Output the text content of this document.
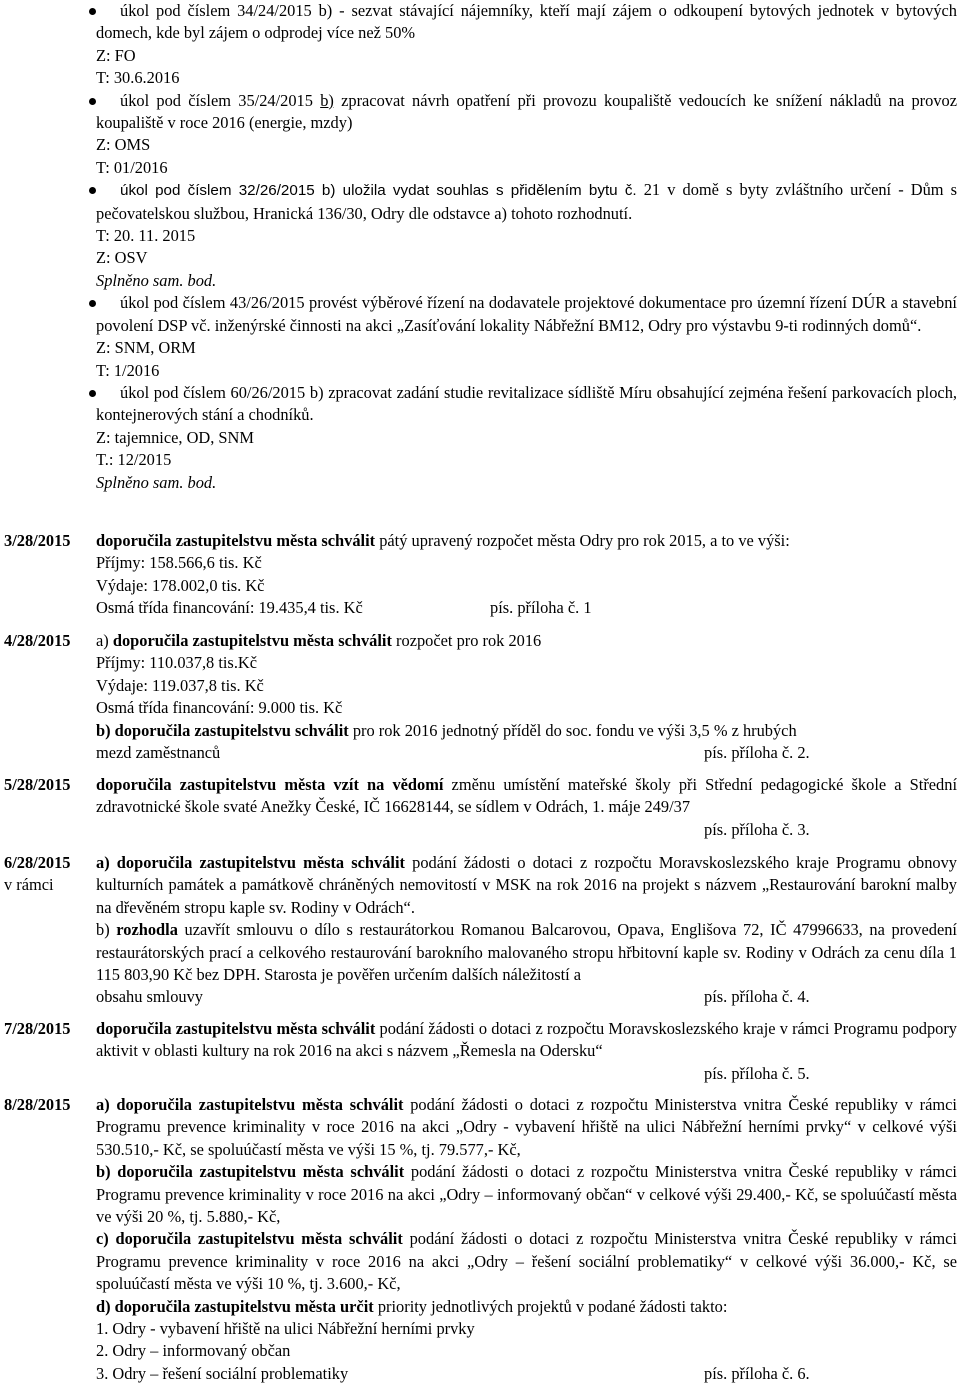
úkol pod číslem 34/24/2015 b) - sezvat stávající nájemníky, kteří mají zájem o odkoupení bytových jednotek v bytových domech, kde byl zájem o odprodej více než 50%

Z: FO

T: 30.6.2016

úkol pod číslem 35/24/2015 b) zpracovat návrh opatření při provozu koupaliště vedoucích ke snížení nákladů na provoz koupaliště v roce 2016 (energie, mzdy)

Z: OMS

T: 01/2016

úkol pod číslem 32/26/2015 b) uložila vydat souhlas s přidělením bytu č. 21 v domě s byty zvláštního určení - Dům s pečovatelskou službou, Hranická 136/30, Odry dle odstavce a) tohoto rozhodnutí.

T: 20. 11. 2015

Z: OSV

Splněno sam. bod.

úkol pod číslem 43/26/2015 provést výběrové řízení na dodavatele projektové dokumentace pro územní řízení DÚR a stavební povolení DSP vč. inženýrské činnosti na akci „Zasíťování lokality Nábřežní BM12, Odry pro výstavbu 9-ti rodinných domů“.

Z: SNM, ORM

T: 1/2016

úkol pod číslem 60/26/2015 b) zpracovat zadání studie revitalizace sídliště Míru obsahující zejména řešení parkovacích ploch, kontejnerových stání a chodníků.

Z: tajemnice, OD, SNM

T.: 12/2015

Splněno sam. bod.

3/28/2015 doporučila zastupitelstvu města schválit pátý upravený rozpočet města Odry pro rok 2015, a to ve výši:

Příjmy: 158.566,6 tis. Kč

Výdaje: 178.002,0 tis. Kč

Osmá třída financování: 19.435,4 tis. Kč	pís. příloha č. 1

4/28/2015 a) doporučila zastupitelstvu města schválit rozpočet pro rok 2016

Příjmy: 110.037,8 tis.Kč

Výdaje: 119.037,8 tis. Kč

Osmá třída financování: 9.000 tis. Kč

b) doporučila zastupitelstvu schválit pro rok 2016 jednotný příděl do soc. fondu ve výši 3,5 % z hrubých

mezd zaměstnanců	pís. příloha č. 2.

5/28/2015 doporučila zastupitelstvu města vzít na vědomí změnu umístění mateřské školy při Střední pedagogické škole a Střední zdravotnické škole svaté Anežky České, IČ 16628144, se sídlem v Odrách, 1. máje 249/37

pís. příloha č. 3.

6/28/2015
v rámci

a) doporučila zastupitelstvu města schválit podání žádosti o dotaci z rozpočtu Moravskoslezského kraje Programu obnovy kulturních památek a památkově chráněných nemovitostí v MSK na rok 2016 na projekt s názvem „Restaurování barokní malby na dřevěném stropu kaple sv. Rodiny v Odrách“.

b) rozhodla uzavřít smlouvu o dílo s restaurátorkou Romanou Balcarovou, Opava, Englišova 72, IČ 47996633, na provedení restaurátorských prací a celkového restaurování barokního malovaného stropu hřbitovní kaple sv. Rodiny v Odrách za cenu díla 1 115 803,90 Kč bez DPH. Starosta je pověřen určením dalších náležitostí a

obsahu smlouvy	pís. příloha č. 4.

7/28/2015 doporučila zastupitelstvu města schválit podání žádosti o dotaci z rozpočtu Moravskoslezského kraje v rámci Programu podpory aktivit v oblasti kultury na rok 2016 na akci s názvem „Řemesla na Odersku“

pís. příloha č. 5.

8/28/2015 a) doporučila zastupitelstvu města schválit podání žádosti o dotaci z rozpočtu Ministerstva vnitra České republiky v rámci Programu prevence kriminality v roce 2016 na akci „Odry - vybavení hřiště na ulici Nábřežní herními prvky“ v celkové výši 530.510,- Kč, se spoluúčastí města ve výši 15 %, tj. 79.577,- Kč,

b) doporučila zastupitelstvu města schválit podání žádosti o dotaci z rozpočtu Ministerstva vnitra České republiky v rámci Programu prevence kriminality v roce 2016 na akci „Odry – informovaný občan“ v celkové výši 29.400,- Kč, se spoluúčastí města ve výši 20 %, tj. 5.880,- Kč,

c) doporučila zastupitelstvu města schválit podání žádosti o dotaci z rozpočtu Ministerstva vnitra České republiky v rámci Programu prevence kriminality v roce 2016 na akci „Odry – řešení sociální problematiky“ v celkové výši 36.000,- Kč, se spoluúčastí města ve výši 10 %, tj. 3.600,- Kč,

d) doporučila zastupitelstvu města určit priority jednotlivých projektů v podané žádosti takto:

1. Odry - vybavení hřiště na ulici Nábřežní herními prvky

2. Odry – informovaný občan

3. Odry – řešení sociální problematiky	pís. příloha č. 6.
